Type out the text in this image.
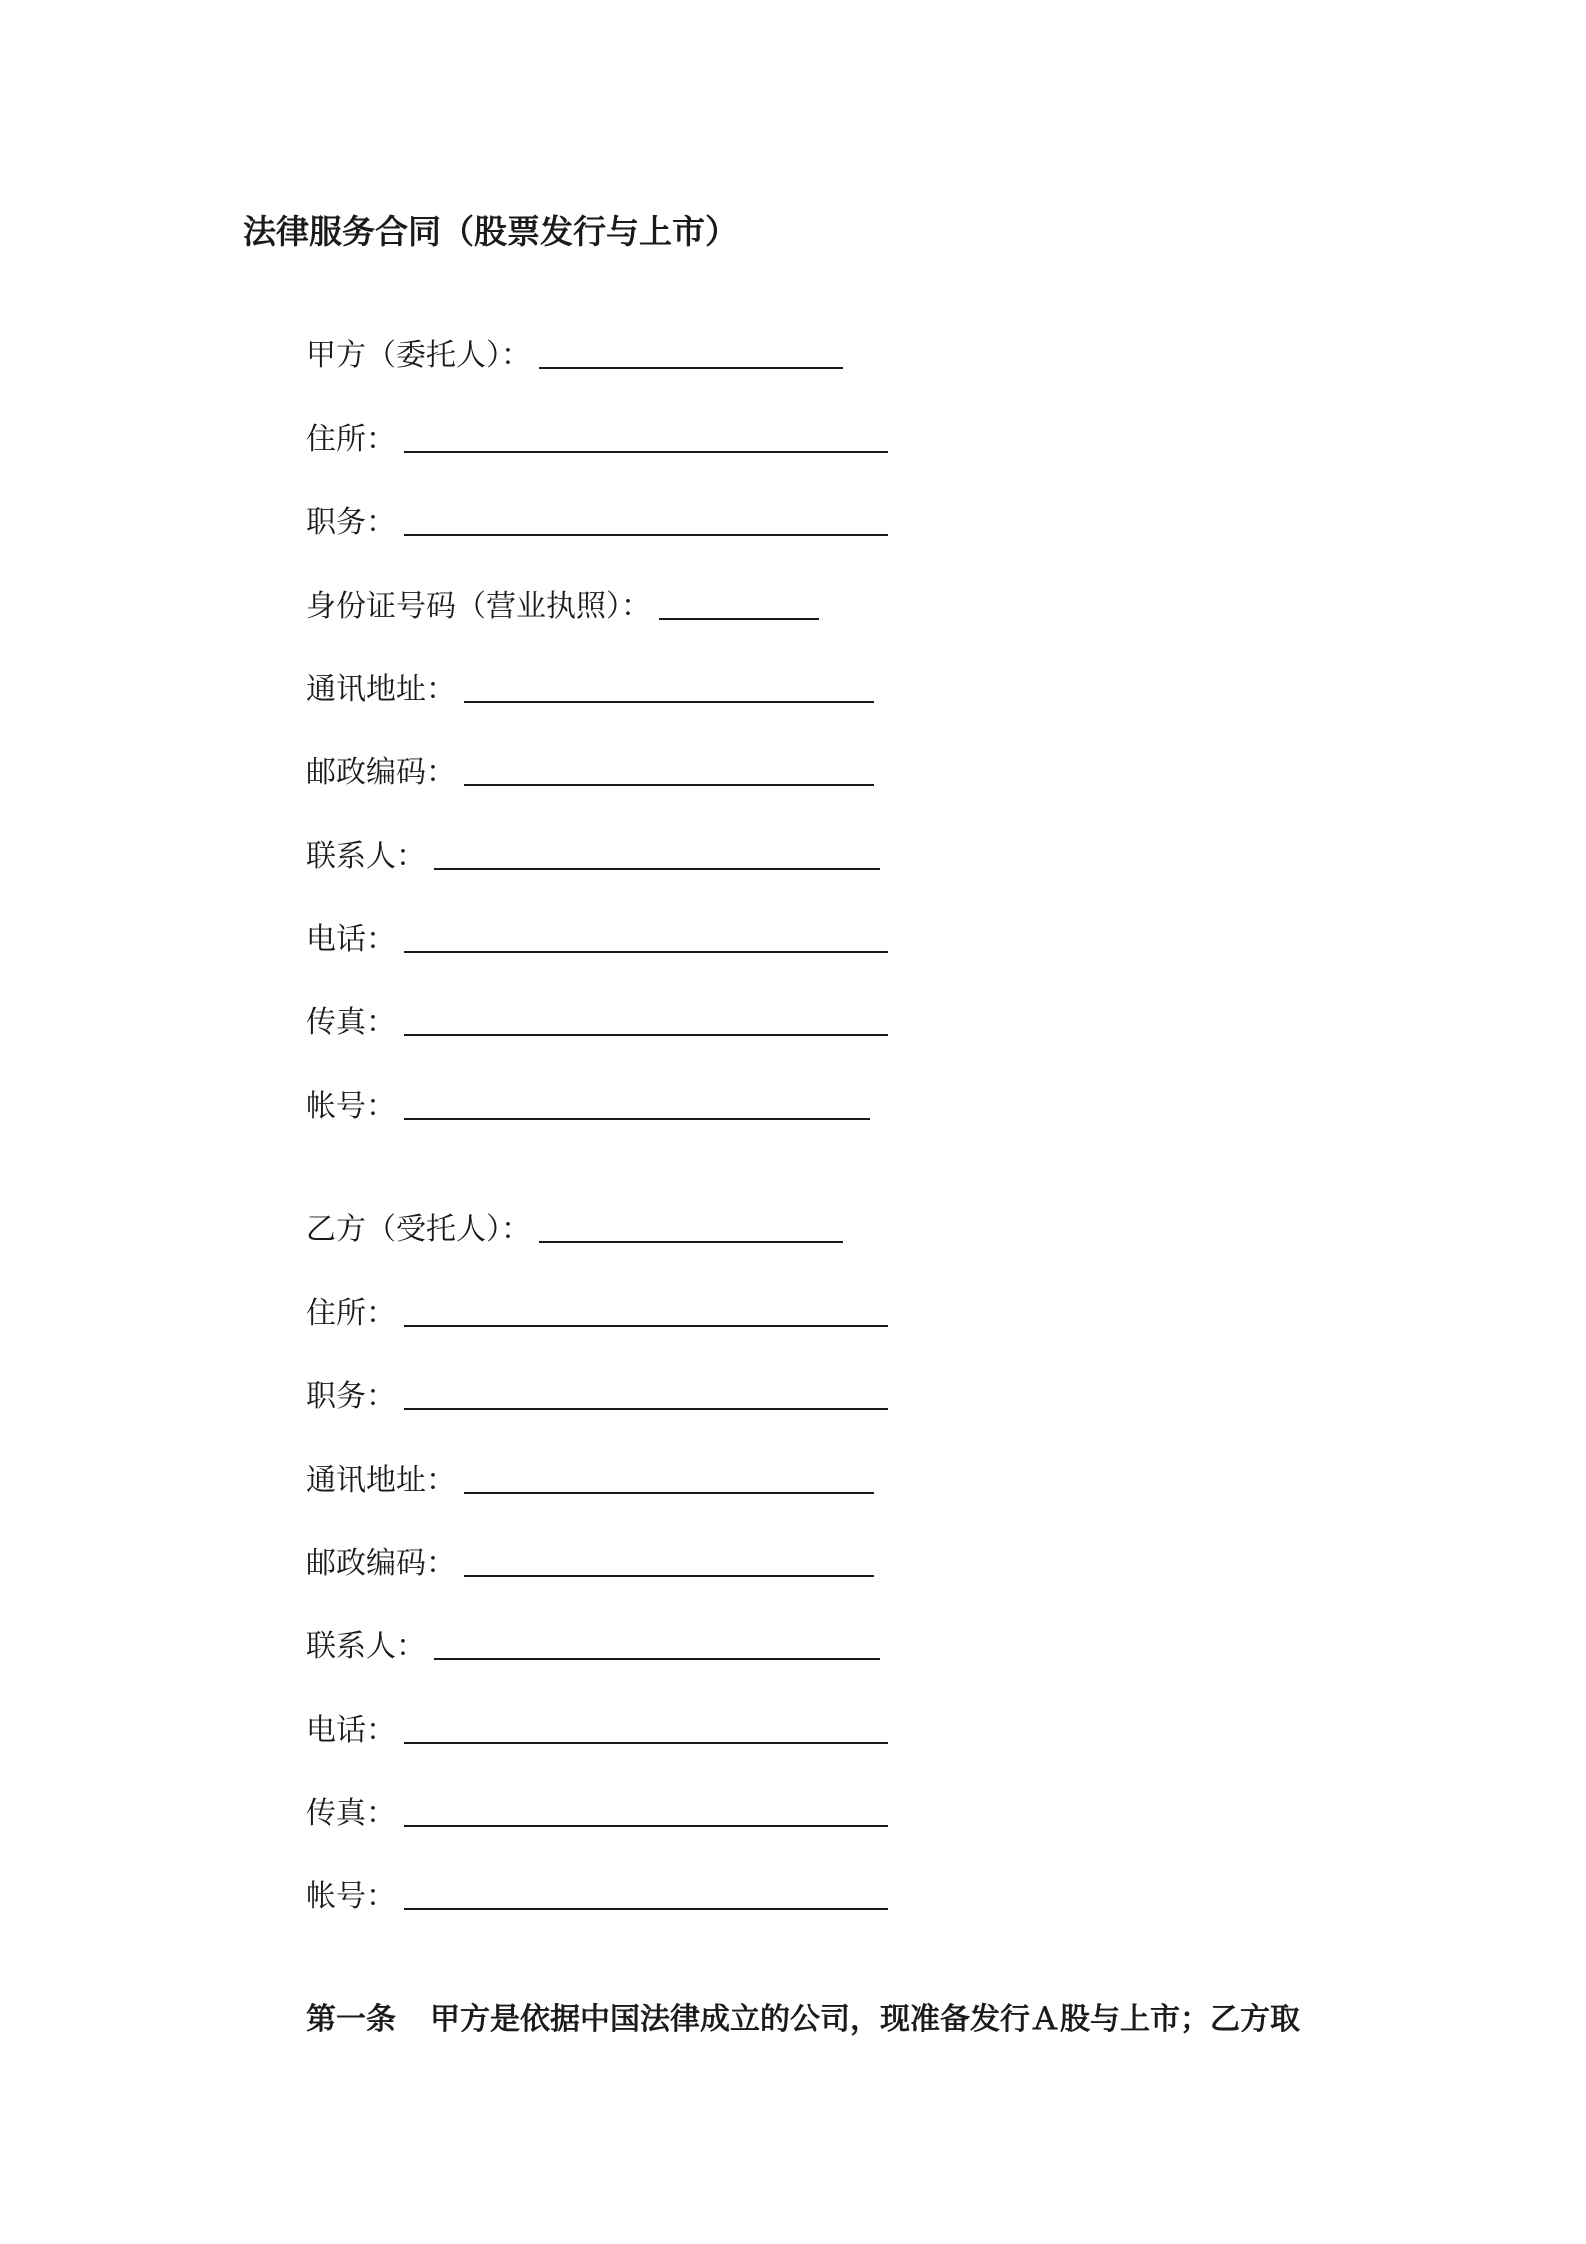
法律服务合同（股票发行与上市）
甲方（委托人）：
住所：
职务：
身份证号码（营业执照）：
通讯地址：
邮政编码：
联系人：
电话：
传真：
帐号：
乙方（受托人）：
住所：
职务：
通讯地址：
邮政编码：
联系人：
电话：
传真：
帐号：
第一条 甲方是依据中国法律成立的公司，现准备发行Ａ股与上市；乙方取
